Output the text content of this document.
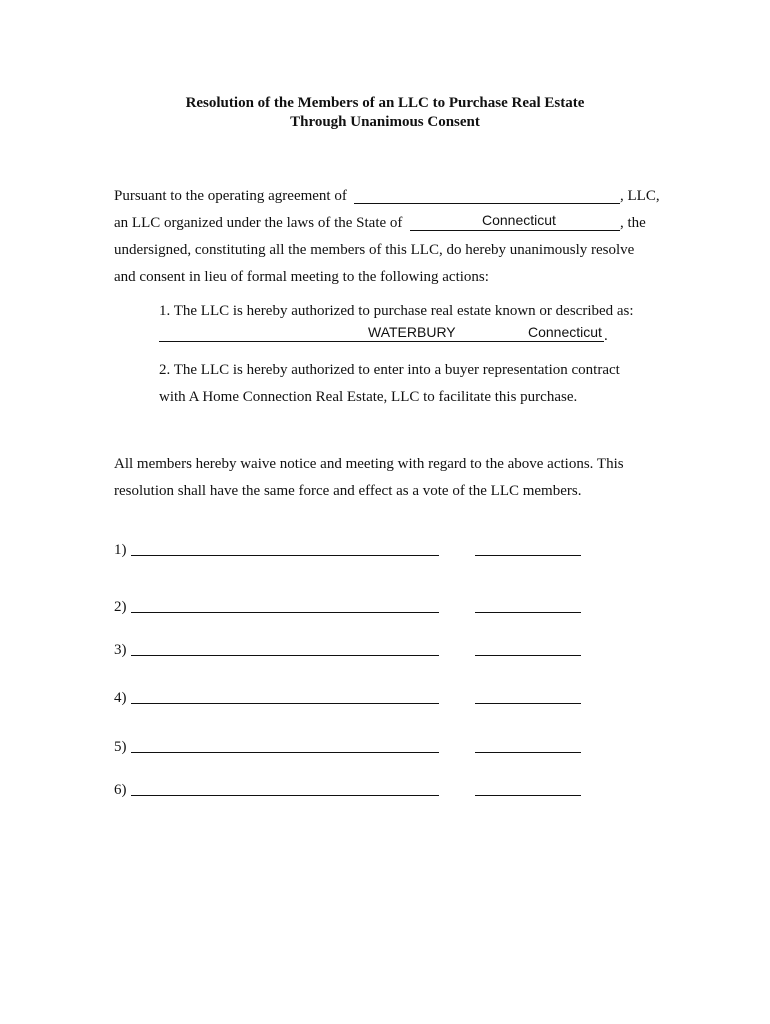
Resolution of the Members of an LLC to Purchase Real Estate
Through Unanimous Consent
Pursuant to the operating agreement of	, LLC,
an LLC organized under the laws of the State of	Connecticut	, the
undersigned, constituting all the members of this LLC, do hereby unanimously resolve
and consent in lieu of formal meeting to the following actions:
1. The LLC is hereby authorized to purchase real estate known or described as:
WATERBURY	Connecticut .
2. The LLC is hereby authorized to enter into a buyer representation contract
with A Home Connection Real Estate, LLC to facilitate this purchase.
All members hereby waive notice and meeting with regard to the above actions. This
resolution shall have the same force and effect as a vote of the LLC members.
1)
2)
3)
4)
5)
6)
